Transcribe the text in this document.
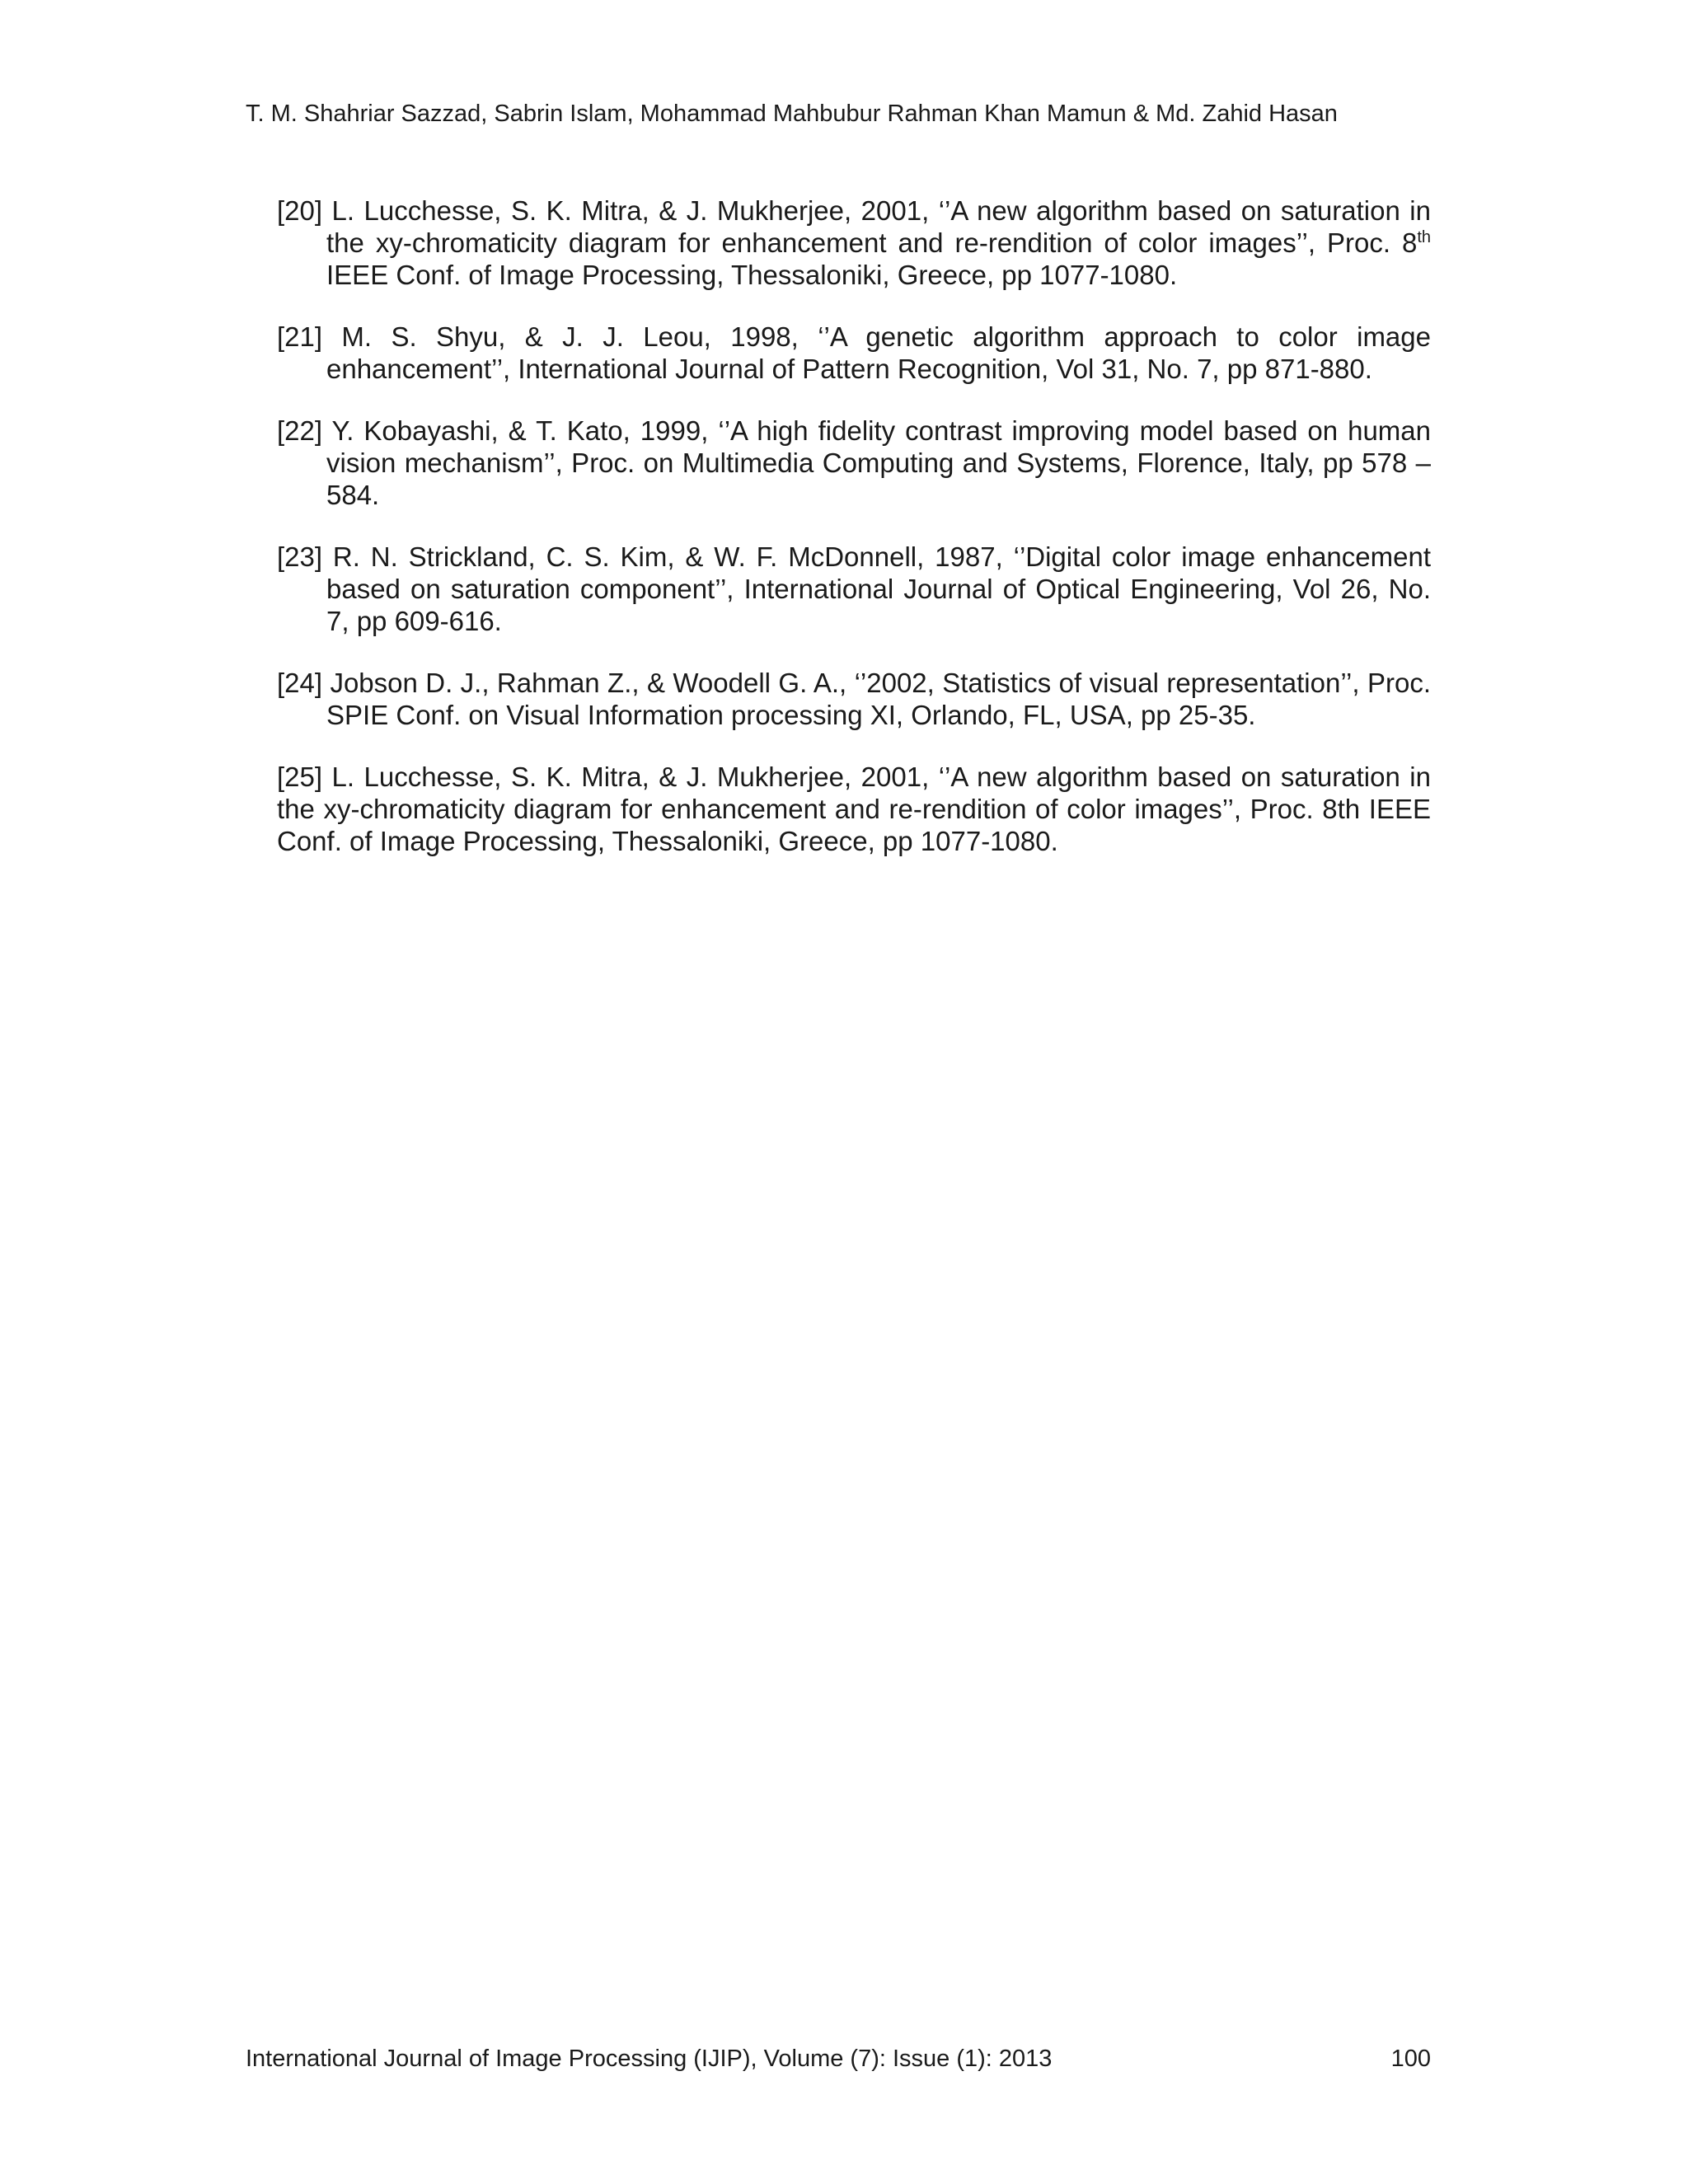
T. M. Shahriar Sazzad, Sabrin Islam, Mohammad Mahbubur Rahman Khan Mamun & Md. Zahid Hasan

[20] L. Lucchesse, S. K. Mitra, & J. Mukherjee, 2001, ‘’A new algorithm based on saturation in the xy-chromaticity diagram for enhancement and re-rendition of color images’’, Proc. 8th IEEE Conf. of Image Processing, Thessaloniki, Greece, pp 1077-1080.

[21] M. S. Shyu, & J. J. Leou, 1998, ‘’A genetic algorithm approach to color image enhancement’’, International Journal of Pattern Recognition, Vol 31, No. 7, pp 871-880.

[22] Y. Kobayashi, & T. Kato, 1999, ‘’A high fidelity contrast improving model based on human vision mechanism’’, Proc. on Multimedia Computing and Systems, Florence, Italy, pp 578 – 584.

[23] R. N. Strickland, C. S. Kim, & W. F. McDonnell, 1987, ‘’Digital color image enhancement based on saturation component’’, International Journal of Optical Engineering, Vol 26, No. 7, pp 609-616.

[24] Jobson D. J., Rahman Z., & Woodell G. A., ‘’2002, Statistics of visual representation’’, Proc. SPIE Conf. on Visual Information processing XI, Orlando, FL, USA, pp 25-35.

[25] L. Lucchesse, S. K. Mitra, & J. Mukherjee, 2001, ‘’A new algorithm based on saturation in the xy-chromaticity diagram for enhancement and re-rendition of color images’’, Proc. 8th IEEE Conf. of Image Processing, Thessaloniki, Greece, pp 1077-1080.

International Journal of Image Processing (IJIP), Volume (7): Issue (1): 2013	100
